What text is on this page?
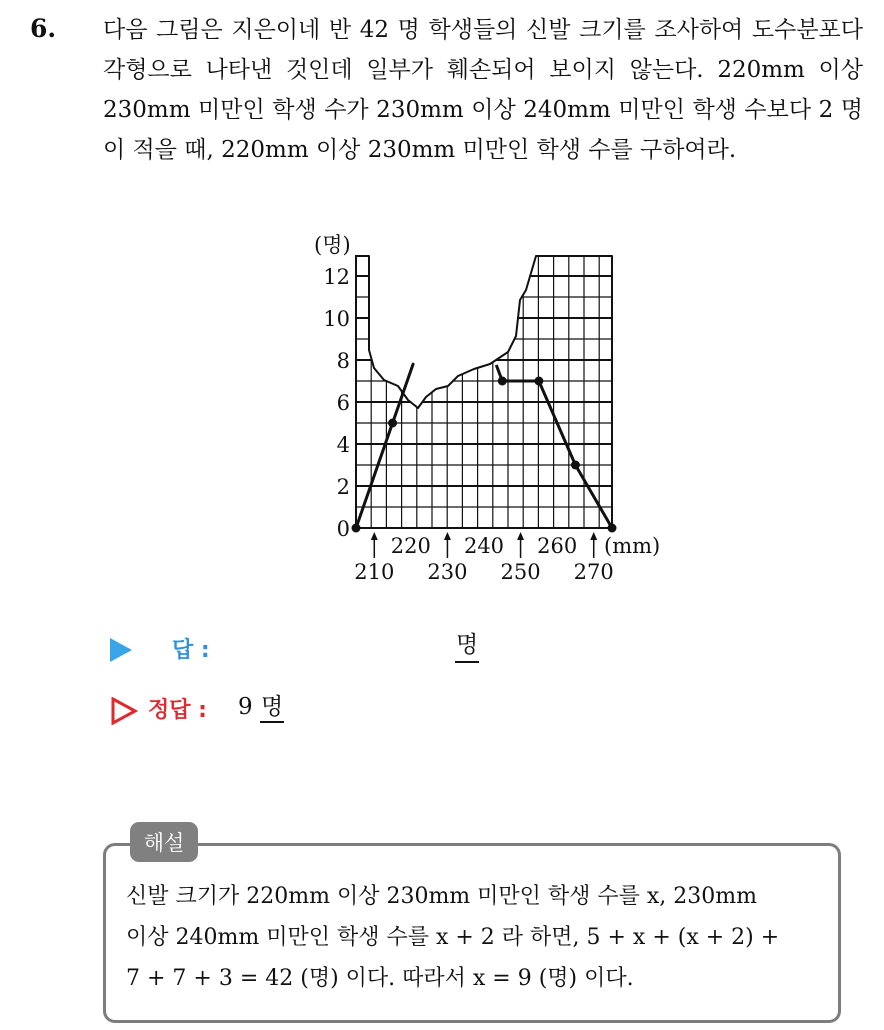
6. 다음 그림은 지은이네 반 42 명 학생들의 신발 크기를 조사하여 도수분포다각형으로 나타낸 것인데 일부가 훼손되어 보이지 않는다. 220mm 이상 230mm 미만인 학생 수가 230mm 이상 240mm 미만인 학생 수보다 2 명이 적을 때, 220mm 이상 230mm 미만인 학생 수를 구하여라.

0
2
4
6
8
10
12
(명)
210 230 250 270
220 240 260 (mm)
답 :	명
정답 : 9 명
해설
신발 크기가 220mm 이상 230mm 미만인 학생 수를 x, 230mm
이상 240mm 미만인 학생 수를 x + 2 라 하면, 5 + x + (x + 2) +
7 + 7 + 3 = 42 (명) 이다. 따라서 x = 9 (명) 이다.
